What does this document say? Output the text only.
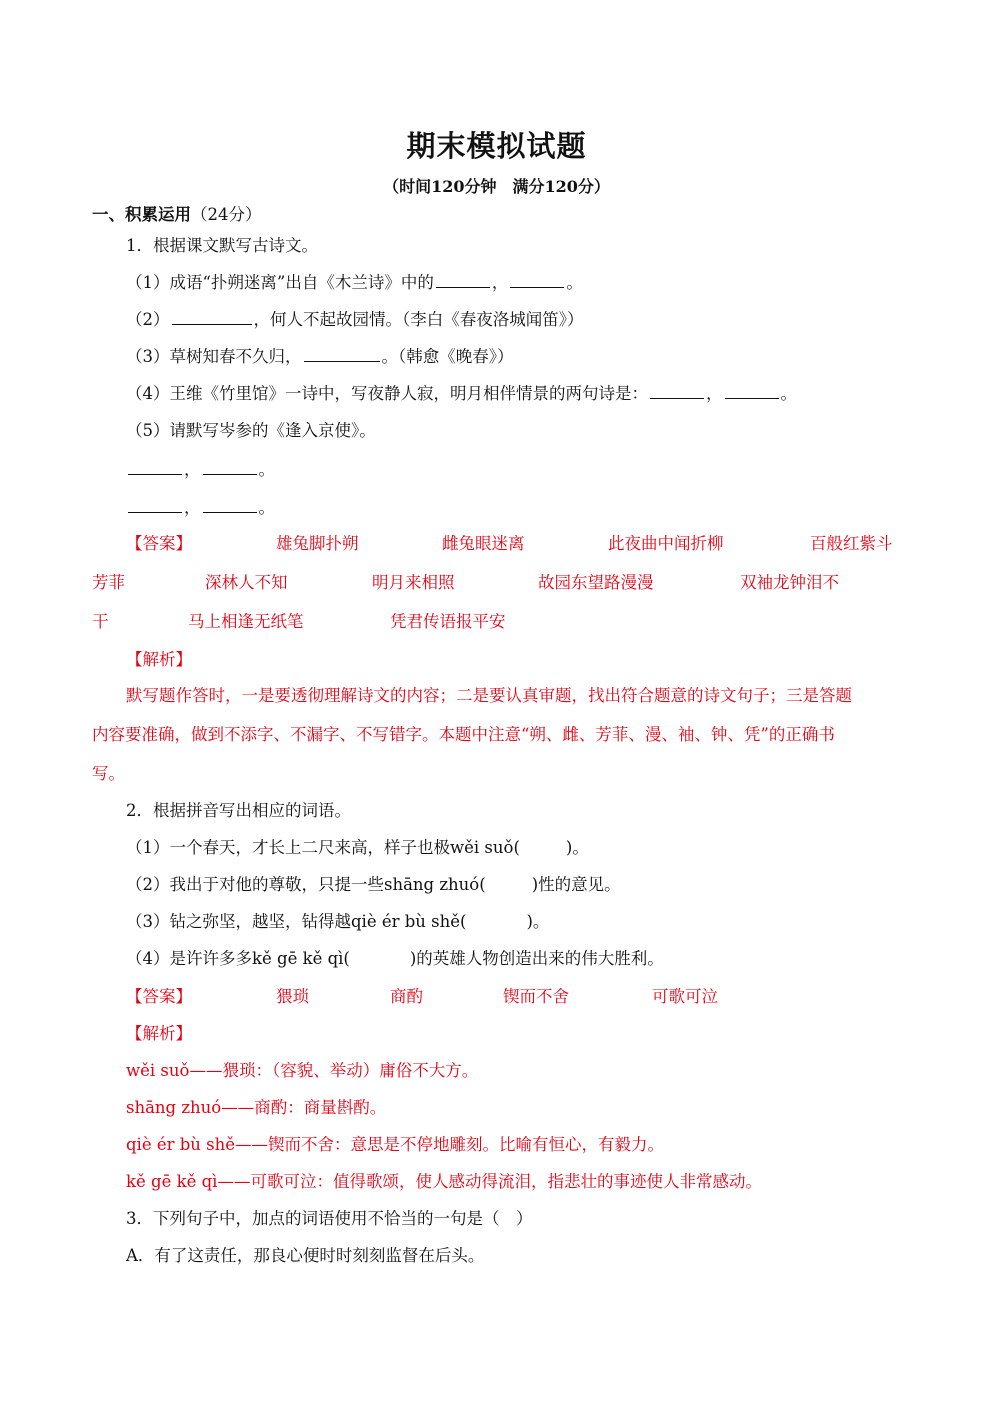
期末模拟试题
（时间120分钟　满分120分）
一、积累运用（24分）
1．根据课文默写古诗文。
（1）成语“扑朔迷离”出自《木兰诗》中的	，	。
（2）	，何人不起故园情。（李白《春夜洛城闻笛》）
（3）草树知春不久归，	。（韩愈《晚春》）
（4）王维《竹里馆》一诗中，写夜静人寂，明月相伴情景的两句诗是：	，	。
（5）请默写岑参的《逢入京使》。
，	。
，	。
【答案】	雄兔脚扑朔	雌兔眼迷离	此夜曲中闻折柳	百般红紫斗
芳菲	深林人不知	明月来相照	故园东望路漫漫	双袖龙钟泪不
干	马上相逢无纸笔	凭君传语报平安
【解析】
默写题作答时，一是要透彻理解诗文的内容；二是要认真审题，找出符合题意的诗文句子；三是答题
内容要准确，做到不添字、不漏字、不写错字。本题中注意“朔、雌、芳菲、漫、袖、钟、凭”的正确书
写。
2．根据拼音写出相应的词语。
（1）一个春天，才长上二尺来高，样子也极wěi suǒ(	)。
（2）我出于对他的尊敬，只提一些shāng zhuó(	)性的意见。
（3）钻之弥坚，越坚，钻得越qiè ér bù shě(	)。
（4）是许许多多kě gē kě qì(	)的英雄人物创造出来的伟大胜利。
【答案】	猥琐	商酌	锲而不舍	可歌可泣
【解析】
wěi suǒ——猥琐：（容貌、举动）庸俗不大方。
shāng zhuó——商酌：商量斟酌。
qiè ér bù shě——锲而不舍：意思是不停地雕刻。比喻有恒心，有毅力。
kě gē kě qì——可歌可泣：值得歌颂，使人感动得流泪，指悲壮的事迹使人非常感动。
3．下列句子中，加点的词语使用不恰当的一句是（　）
A．有了这责任，那良心便时时刻刻监督在后头。
